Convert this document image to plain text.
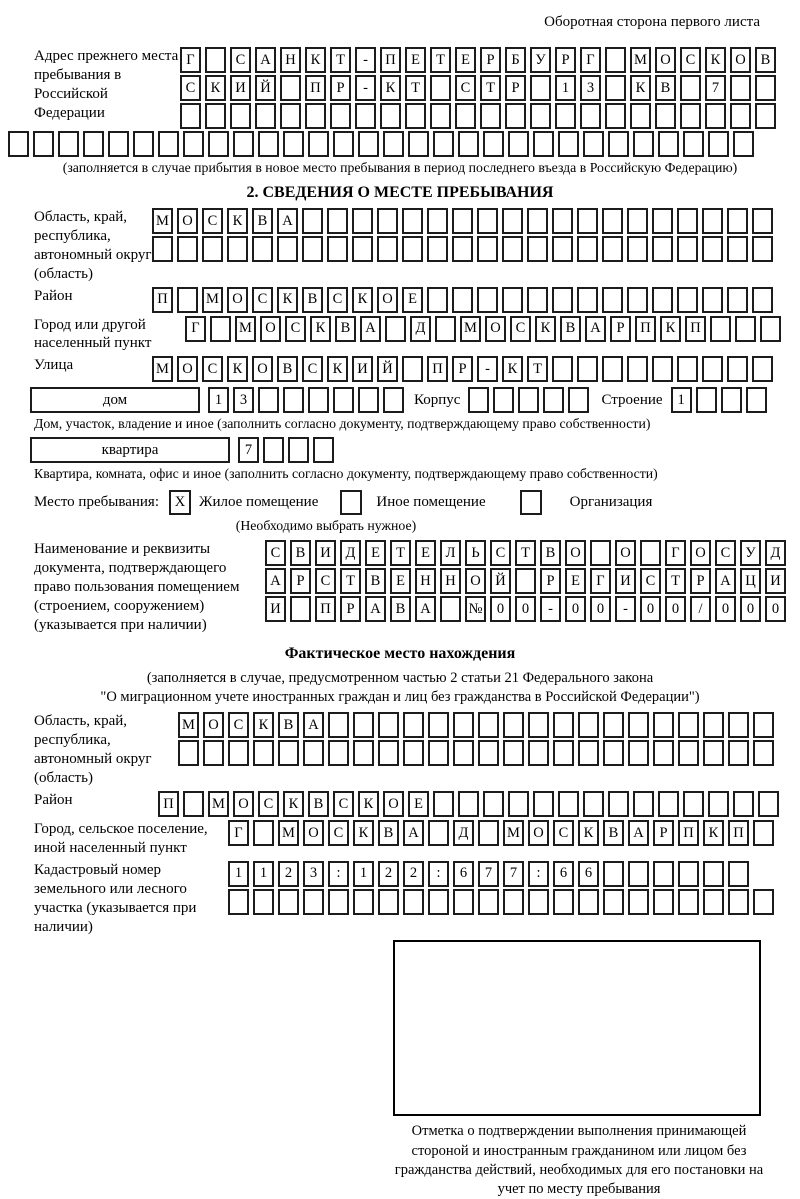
Оборотная сторона первого листа
Адрес прежнего места пребывания в Российской Федерации
Г	С	А	Н	К	Т	-	П	Е	Т	Е	Р	Б	У	Р	Г	М О	С	К	О	В
С	К	И	Й	П	Р	-	К	Т	С	Т	Р	1	3	К	В	7
(заполняется в случае прибытия в новое место пребывания в период последнего въезда в Российскую Федерацию)
2. СВЕДЕНИЯ О МЕСТЕ ПРЕБЫВАНИЯ
Область, край, республика, автономный округ (область)
М О	С	К	В	А
Район	П	М О	С	К	В	С	К	О	Е
Город или другой населенный пункт
Г	М О	С	К	В	А	Д	М О	С	К	В	А	Р	П	К	П
Улица	М О	С	К	О	В	С	К	И	Й	П	Р	-	К	Т
дом	1	3	Корпус	Строение	1
Дом, участок, владение и иное (заполнить согласно документу, подтверждающему право собственности)
квартира	7
Квартира, комната, офис и иное (заполнить согласно документу, подтверждающему право собственности)
Место пребывания:	X Жилое помещение	Иное помещение	Организация
(Необходимо выбрать нужное)
Наименование и реквизиты документа, подтверждающего право пользования помещением (строением, сооружением) (указывается при наличии)
С	В	И	Д	Е	Т	Е	Л	Ь	С	Т	В	О	О	Г	О	С	У	Д
А	Р	С	Т	В	Е	Н	Н	О	Й	Р	Е	Г	И	С	Т	Р	А	Ц	И
И	П	Р	А	В	А	№ 0	0	-	0	0	-	0	0	/	0	0	0
Фактическое место нахождения
(заполняется в случае, предусмотренном частью 2 статьи 21 Федерального закона
"О миграционном учете иностранных граждан и лиц без гражданства в Российской Федерации")
Область, край, республика, автономный округ (область)
М О	С	К	В	А
Район	П	М О	С	К	В	С	К	О	Е
Город, сельское поселение, иной населенный пункт
Г	М О	С	К	В	А	Д	М О	С	К	В	А	Р	П	К	П
Кадастровый номер земельного или лесного участка (указывается при наличии)
1	1	2	3	:	1	2	2	:	6	7	7	:	6	6
Отметка о подтверждении выполнения принимающей стороной и иностранным гражданином или лицом без гражданства действий, необходимых для его постановки на учет по месту пребывания
